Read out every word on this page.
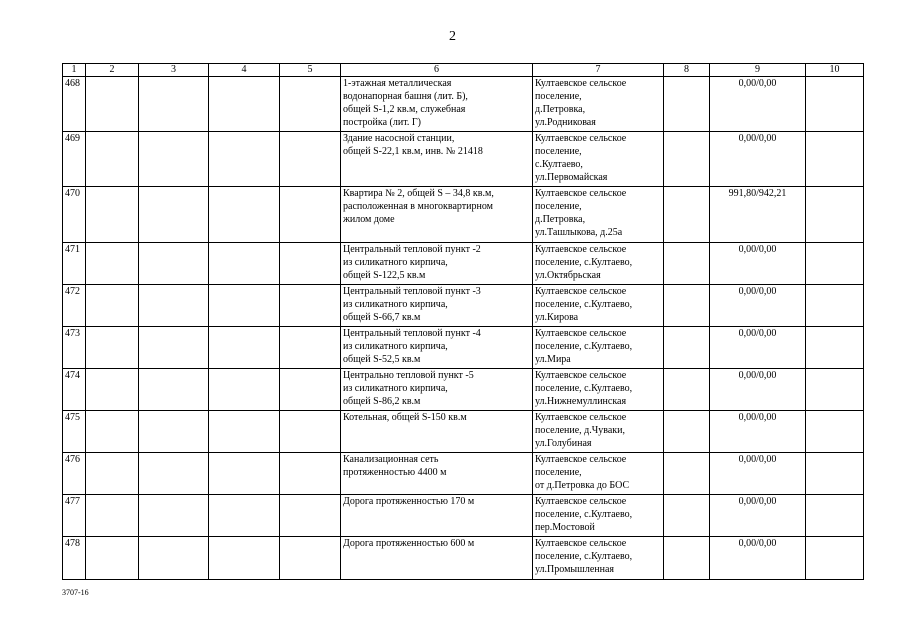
2
1	2	3	4	5	6	7	8	9	10
468					1-этажная металлическая
водонапорная башня (лит. Б),
общей S-1,2 кв.м, служебная
постройка (лит. Г)	Култаевское сельское
поселение,
д.Петровка,
ул.Родниковая		0,00/0,00	
469					Здание насосной станции,
общей S-22,1 кв.м, инв. № 21418	Култаевское сельское
поселение,
с.Култаево,
ул.Первомайская		0,00/0,00	
470					Квартира № 2, общей S – 34,8 кв.м,
расположенная в многоквартирном
жилом доме	Култаевское сельское
поселение,
д.Петровка,
ул.Ташлыкова, д.25а		991,80/942,21	
471					Центральный тепловой пункт -2
из силикатного кирпича,
общей S-122,5 кв.м	Култаевское сельское
поселение, с.Култаево,
ул.Октябрьская		0,00/0,00	
472					Центральный тепловой пункт -3
из силикатного кирпича,
общей S-66,7 кв.м	Култаевское сельское
поселение, с.Култаево,
ул.Кирова		0,00/0,00	
473					Центральный тепловой пункт -4
из силикатного кирпича,
общей S-52,5 кв.м	Култаевское сельское
поселение, с.Култаево,
ул.Мира		0,00/0,00	
474					Центрально тепловой пункт -5
из силикатного кирпича,
общей S-86,2 кв.м	Култаевское сельское
поселение, с.Култаево,
ул.Нижнемуллинская		0,00/0,00	
475					Котельная, общей S-150 кв.м	Култаевское сельское
поселение, д.Чуваки,
ул.Голубиная		0,00/0,00	
476					Канализационная сеть
протяженностью 4400 м	Култаевское сельское
поселение,
от д.Петровка до БОС		0,00/0,00	
477					Дорога протяженностью 170 м	Култаевское сельское
поселение, с.Култаево,
пер.Мостовой		0,00/0,00	
478					Дорога протяженностью 600 м	Култаевское сельское
поселение, с.Култаево,
ул.Промышленная		0,00/0,00	
3707-16
